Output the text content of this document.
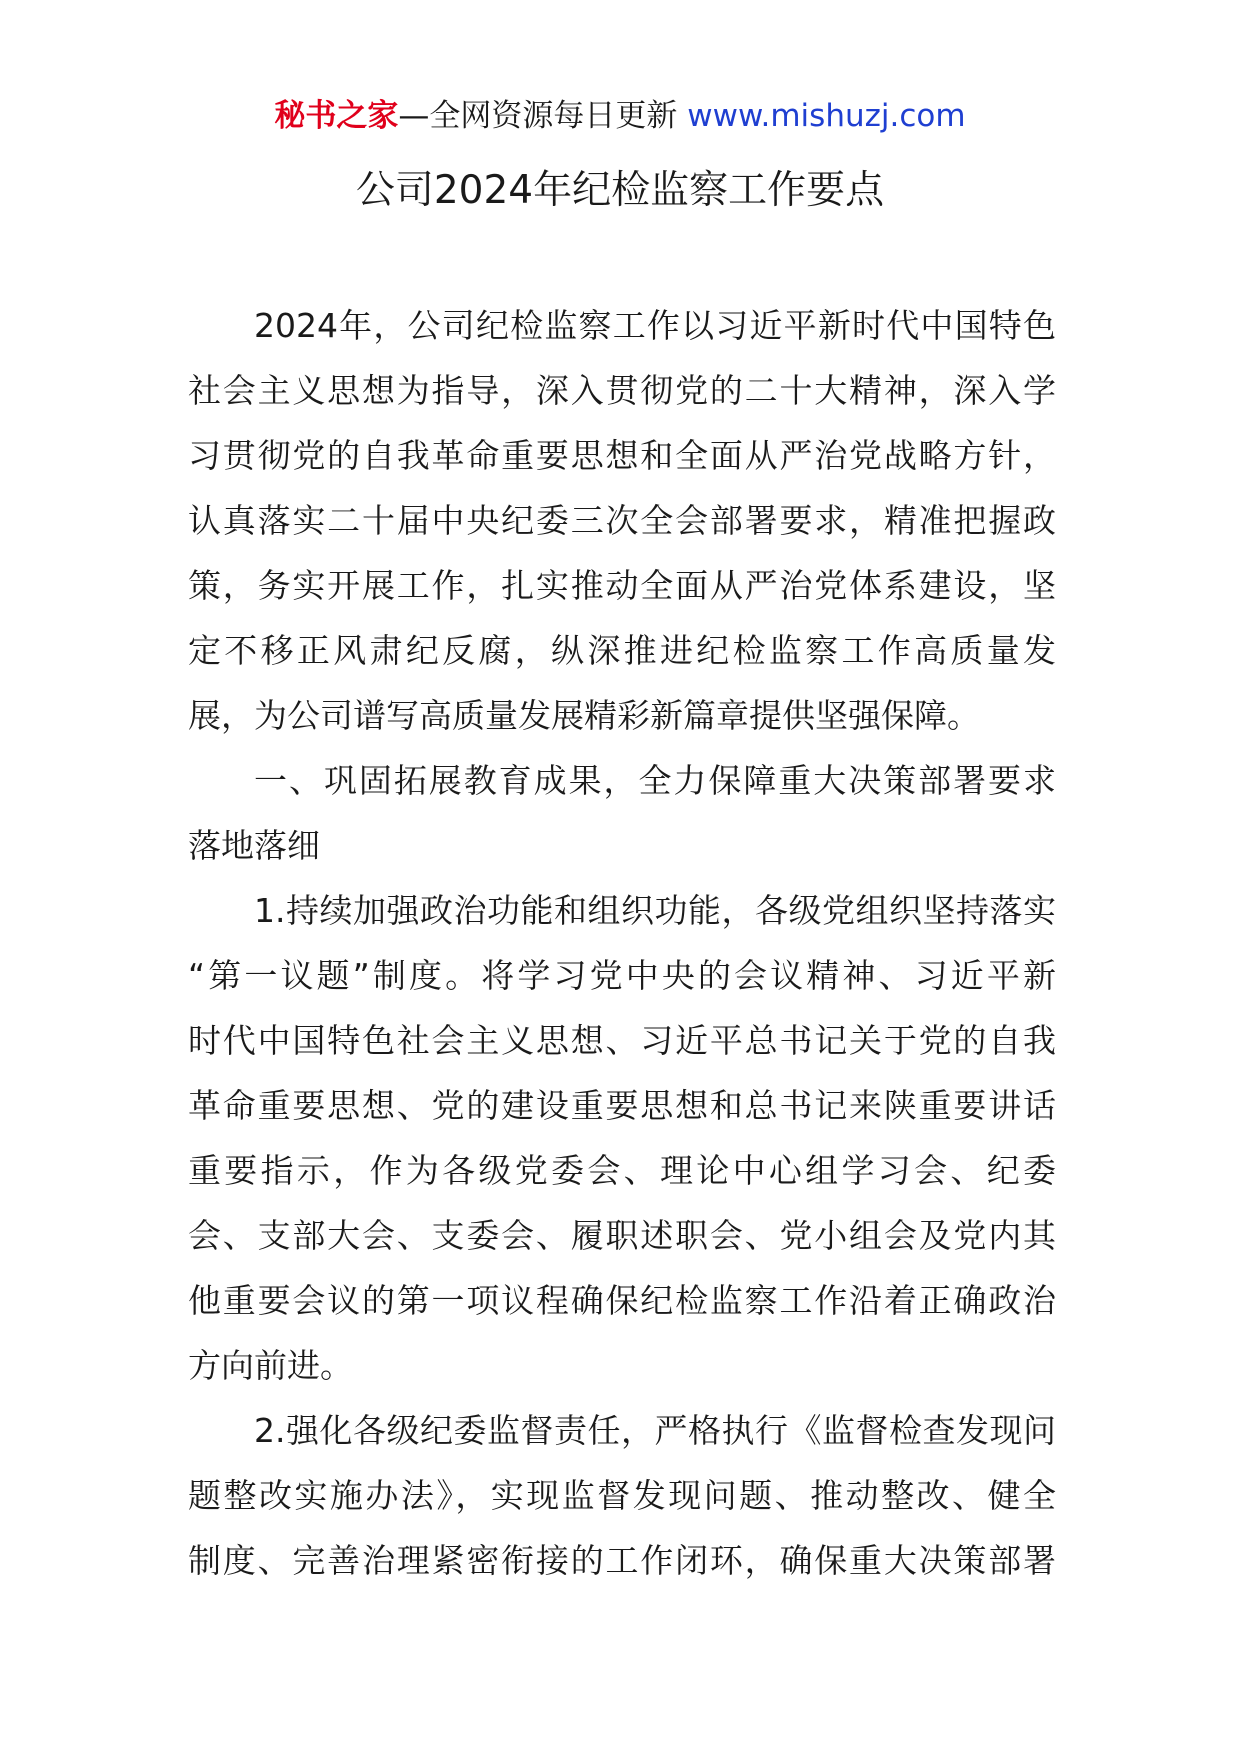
秘书之家—全网资源每日更新 www.mishuzj.com
公司2024年纪检监察工作要点
2024年，公司纪检监察工作以习近平新时代中国特色
社会主义思想为指导，深入贯彻党的二十大精神，深入学
习贯彻党的自我革命重要思想和全面从严治党战略方针，
认真落实二十届中央纪委三次全会部署要求，精准把握政
策，务实开展工作，扎实推动全面从严治党体系建设，坚
定不移正风肃纪反腐，纵深推进纪检监察工作高质量发
展，为公司谱写高质量发展精彩新篇章提供坚强保障。
一、巩固拓展教育成果，全力保障重大决策部署要求
落地落细
1.持续加强政治功能和组织功能，各级党组织坚持落实
“第一议题”制度。将学习党中央的会议精神、习近平新
时代中国特色社会主义思想、习近平总书记关于党的自我
革命重要思想、党的建设重要思想和总书记来陕重要讲话
重要指示，作为各级党委会、理论中心组学习会、纪委
会、支部大会、支委会、履职述职会、党小组会及党内其
他重要会议的第一项议程确保纪检监察工作沿着正确政治
方向前进。
2.强化各级纪委监督责任，严格执行《监督检查发现问
题整改实施办法》，实现监督发现问题、推动整改、健全
制度、完善治理紧密衔接的工作闭环，确保重大决策部署
